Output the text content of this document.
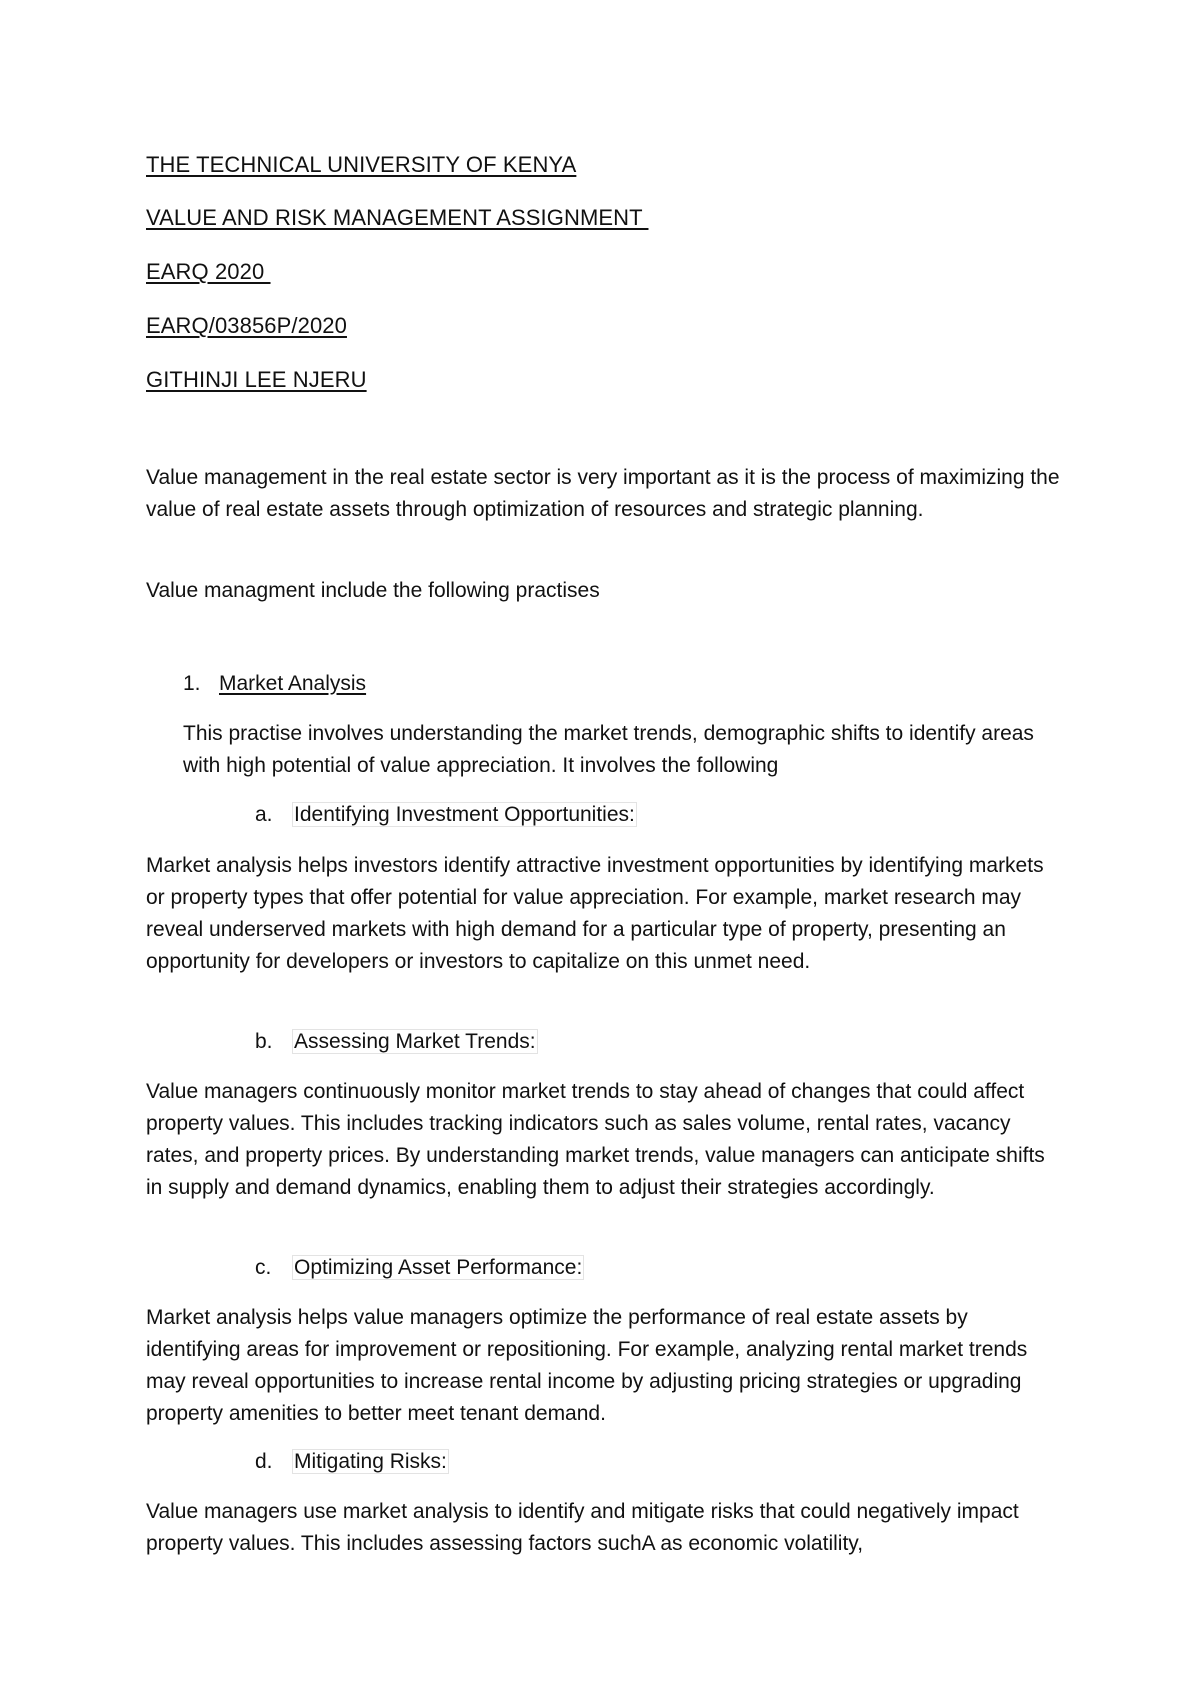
THE TECHNICAL UNIVERSITY OF KENYA
VALUE AND RISK MANAGEMENT ASSIGNMENT
EARQ 2020
EARQ/03856P/2020
GITHINJI LEE NJERU

Value management in the real estate sector is very important as it is the process of maximizing the value of real estate assets through optimization of resources and strategic planning.

Value managment include the following practises

1. Market Analysis

This practise involves understanding the market trends, demographic shifts to identify areas with high potential of value appreciation. It involves the following

a. Identifying Investment Opportunities:

Market analysis helps investors identify attractive investment opportunities by identifying markets or property types that offer potential for value appreciation. For example, market research may reveal underserved markets with high demand for a particular type of property, presenting an opportunity for developers or investors to capitalize on this unmet need.

b. Assessing Market Trends:

Value managers continuously monitor market trends to stay ahead of changes that could affect property values. This includes tracking indicators such as sales volume, rental rates, vacancy rates, and property prices. By understanding market trends, value managers can anticipate shifts in supply and demand dynamics, enabling them to adjust their strategies accordingly.

c. Optimizing Asset Performance:

Market analysis helps value managers optimize the performance of real estate assets by identifying areas for improvement or repositioning. For example, analyzing rental market trends may reveal opportunities to increase rental income by adjusting pricing strategies or upgrading property amenities to better meet tenant demand.

d. Mitigating Risks:

Value managers use market analysis to identify and mitigate risks that could negatively impact property values. This includes assessing factors suchA as economic volatility,
